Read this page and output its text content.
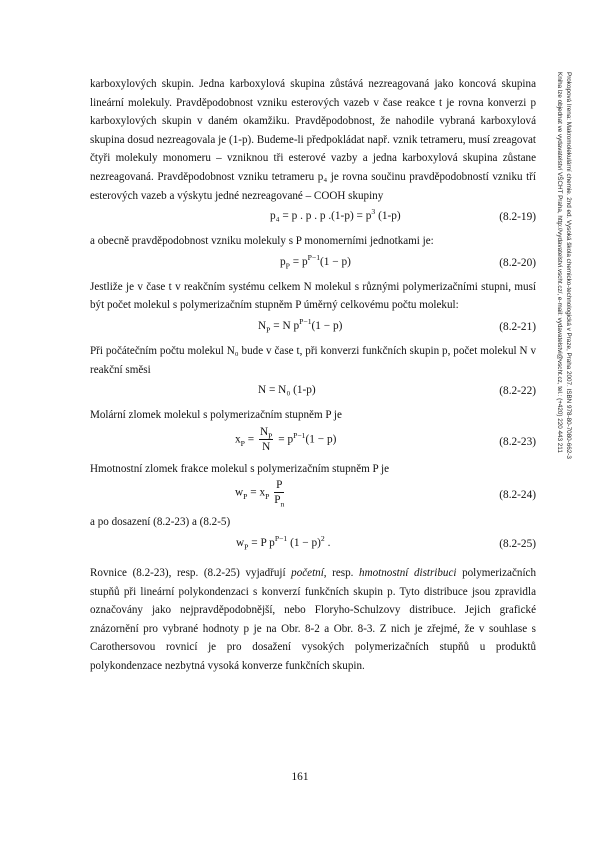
karboxylových skupin. Jedna karboxylová skupina zůstává nezreagovaná jako koncová skupina lineární molekuly. Pravděpodobnost vzniku esterových vazeb v čase reakce t je rovna konverzi p karboxylových skupin v daném okamžiku. Pravděpodobnost, že nahodile vybraná karboxylová skupina dosud nezreagovala je (1-p). Budeme-li předpokládat např. vznik tetrameru, musí zreagovat čtyři molekuly monomeru – vzniknou tři esterové vazby a jedna karboxylová skupina zůstane nezreagovaná. Pravděpodobnost vzniku tetrameru p₄ je rovna součinu pravděpodobností vzniku tří esterových vazeb a výskytu jedné nezreagované – COOH skupiny

p₄ = p . p . p $.(1-p) = p^3$ (1-p)	(8.2-19)

a obecně pravděpodobnost vzniku molekuly s P monomerními jednotkami je:

$p_P = p^{P-1}(1 - p)$	(8.2-20)

Jestliže je v čase t v reakčním systému celkem N molekul s různými polymerizačními stupni, musí být počet molekul s polymerizačním stupněm P úměrný celkovému počtu molekul:

$N_P = N$ $p^{P-1}(1 - p)$	(8.2-21)

Při počátečním počtu molekul N₀ bude v čase t, při konverzi funkčních skupin p, počet molekul N v reakční směsi

N = N₀ (1-p)	(8.2-22)

Molární zlomek molekul s polymerizačním stupněm P je

$x_P = \frac{N_P}{N} = p^{P-1}(1 - p)$	(8.2-23)

Hmotnostní zlomek frakce molekul s polymerizačním stupněm P je

$w_P = x_P \frac{P}{P_n}$	(8.2-24)

a po dosazení (8.2-23) a (8.2-5)

$w_P = P$ $p^{P-1}$ $(1 - p)^2$ .	(8.2-25)

Rovnice (8.2-23), resp. (8.2-25) vyjadřují početní, resp. hmotnostní distribuci polymerizačních stupňů při lineární polykondenzaci s konverzí funkčních skupin p. Tyto distribuce jsou zpravidla označovány jako nejpravděpodobnější, nebo Floryho-Schulzovy distribuce. Jejich grafické znázornění pro vybrané hodnoty p je na Obr. 8-2 a Obr. 8-3. Z nich je zřejmé, že v souhlase s Carothersovou rovnicí je pro dosažení vysokých polymerizačních stupňů u produktů polykondenzace nezbytná vysoká konverze funkčních skupin.

Prokopová Irena: Makromolekulární chemie. 2nd ed. Vysoká škola chemicko-technologická v Praze, Praha 2007. ISBN 978-80-7080-662-3
Kniha lze objednat ve vydavatelství VŠCHT Praha, http://vydavatelstvi.vscht.cz/, e-mail: vydavatelstvi@vscht.cz, tel.: (+420) 220 443 211
161
